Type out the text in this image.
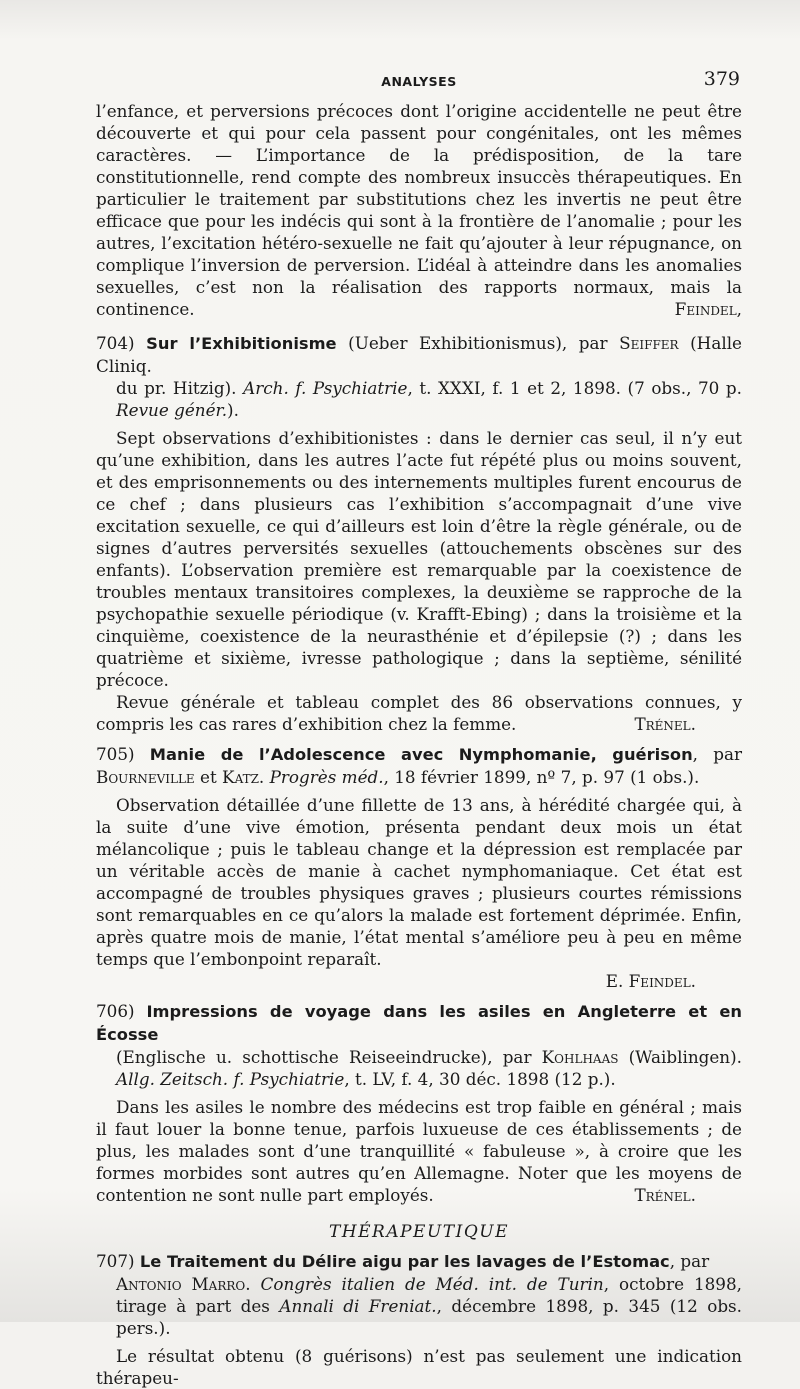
ANALYSES	379

l’enfance, et perversions précoces dont l’origine accidentelle ne peut être découverte et qui pour cela passent pour congénitales, ont les mêmes caractères. — L’importance de la prédisposition, de la tare constitutionnelle, rend compte des nombreux insuccès thérapeutiques. En particulier le traitement par substitutions chez les invertis ne peut être efficace que pour les indécis qui sont à la frontière de l’anomalie ; pour les autres, l’excitation hétéro-sexuelle ne fait qu’ajouter à leur répugnance, on complique l’inversion de perversion. L’idéal à atteindre dans les anomalies sexuelles, c’est non la réalisation des rapports normaux, mais la continence.	Feindel,

704) Sur l’Exhibitionisme (Ueber Exhibitionismus), par Seiffer (Halle Cliniq.
du pr. Hitzig). Arch. f. Psychiatrie, t. XXXI, f. 1 et 2, 1898. (7 obs., 70 p. Revue génér.).

Sept observations d’exhibitionistes : dans le dernier cas seul, il n’y eut qu’une exhibition, dans les autres l’acte fut répété plus ou moins souvent, et des emprisonnements ou des internements multiples furent encourus de ce chef ; dans plusieurs cas l’exhibition s’accompagnait d’une vive excitation sexuelle, ce qui d’ailleurs est loin d’être la règle générale, ou de signes d’autres perversités sexuelles (attouchements obscènes sur des enfants). L’observation première est remarquable par la coexistence de troubles mentaux transitoires complexes, la deuxième se rapproche de la psychopathie sexuelle périodique (v. Krafft-Ebing) ; dans la troisième et la cinquième, coexistence de la neurasthénie et d’épilepsie (?) ; dans les quatrième et sixième, ivresse pathologique ; dans la septième, sénilité précoce.

Revue générale et tableau complet des 86 observations connues, y compris les cas rares d’exhibition chez la femme.	Trénel.

705) Manie de l’Adolescence avec Nymphomanie, guérison, par Bourneville et Katz. Progrès méd., 18 février 1899, nº 7, p. 97 (1 obs.).

Observation détaillée d’une fillette de 13 ans, à hérédité chargée qui, à la suite d’une vive émotion, présenta pendant deux mois un état mélancolique ; puis le tableau change et la dépression est remplacée par un véritable accès de manie à cachet nymphomaniaque. Cet état est accompagné de troubles physiques graves ; plusieurs courtes rémissions sont remarquables en ce qu’alors la malade est fortement déprimée. Enfin, après quatre mois de manie, l’état mental s’améliore peu à peu en même temps que l’embonpoint reparaît.

E. Feindel.
706) Impressions de voyage dans les asiles en Angleterre et en Écosse
(Englische u. schottische Reiseeindrucke), par Kohlhaas (Waiblingen). Allg. Zeitsch. f. Psychiatrie, t. LV, f. 4, 30 déc. 1898 (12 p.).

Dans les asiles le nombre des médecins est trop faible en général ; mais il faut louer la bonne tenue, parfois luxueuse de ces établissements ; de plus, les malades sont d’une tranquillité « fabuleuse », à croire que les formes morbides sont autres qu’en Allemagne. Noter que les moyens de contention ne sont nulle part employés.	Trénel.

THÉRAPEUTIQUE
707) Le Traitement du Délire aigu par les lavages de l’Estomac, par
Antonio Marro. Congrès italien de Méd. int. de Turin, octobre 1898, tirage à part des Annali di Freniat., décembre 1898, p. 345 (12 obs. pers.).

Le résultat obtenu (8 guérisons) n’est pas seulement une indication thérapeu-
